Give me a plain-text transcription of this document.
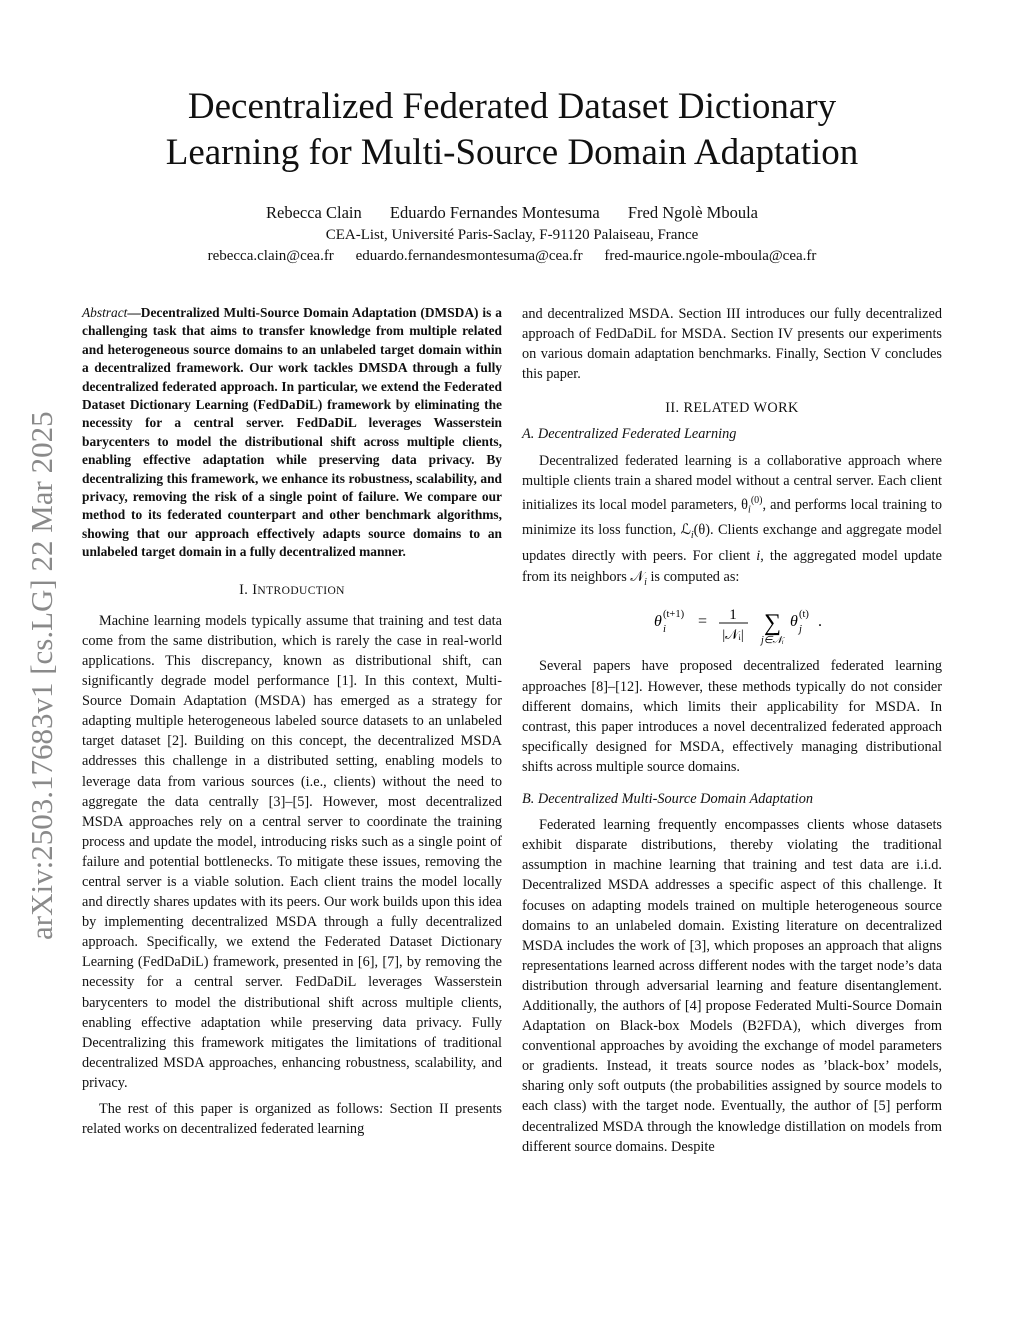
Decentralized Federated Dataset Dictionary
Learning for Multi-Source Domain Adaptation
Rebecca Clain Eduardo Fernandes Montesuma Fred Ngolè Mboula
CEA-List, Université Paris-Saclay, F-91120 Palaiseau, France
rebecca.clain@cea.fr eduardo.fernandesmontesuma@cea.fr fred-maurice.ngole-mboula@cea.fr
arXiv:2503.17683v1 [cs.LG] 22 Mar 2025

Abstract—Decentralized Multi-Source Domain Adaptation (DMSDA) is a challenging task that aims to transfer knowledge from multiple related and heterogeneous source domains to an unlabeled target domain within a decentralized framework. Our work tackles DMSDA through a fully decentralized federated approach. In particular, we extend the Federated Dataset Dictionary Learning (FedDaDiL) framework by eliminating the necessity for a central server. FedDaDiL leverages Wasserstein barycenters to model the distributional shift across multiple clients, enabling effective adaptation while preserving data privacy. By decentralizing this framework, we enhance its robustness, scalability, and privacy, removing the risk of a single point of failure. We compare our method to its federated counterpart and other benchmark algorithms, showing that our approach effectively adapts source domains to an unlabeled target domain in a fully decentralized manner.

I. INTRODUCTION

Machine learning models typically assume that training and test data come from the same distribution, which is rarely the case in real-world applications. This discrepancy, known as distributional shift, can significantly degrade model performance [1]. In this context, Multi-Source Domain Adaptation (MSDA) has emerged as a strategy for adapting multiple heterogeneous labeled source datasets to an unlabeled target dataset [2]. Building on this concept, the decentralized MSDA addresses this challenge in a distributed setting, enabling models to leverage data from various sources (i.e., clients) without the need to aggregate the data centrally [3]–[5]. However, most decentralized MSDA approaches rely on a central server to coordinate the training process and update the model, introducing risks such as a single point of failure and potential bottlenecks. To mitigate these issues, removing the central server is a viable solution. Each client trains the model locally and directly shares updates with its peers. Our work builds upon this idea by implementing decentralized MSDA through a fully decentralized approach. Specifically, we extend the Federated Dataset Dictionary Learning (FedDaDiL) framework, presented in [6], [7], by removing the necessity for a central server. FedDaDiL leverages Wasserstein barycenters to model the distributional shift across multiple clients, enabling effective adaptation while preserving data privacy. Fully Decentralizing this framework mitigates the limitations of traditional decentralized MSDA approaches, enhancing robustness, scalability, and privacy.

The rest of this paper is organized as follows: Section II presents related works on decentralized federated learning

and decentralized MSDA. Section III introduces our fully decentralized approach of FedDaDiL for MSDA. Section IV presents our experiments on various domain adaptation benchmarks. Finally, Section V concludes this paper.

II. RELATED WORK
A. Decentralized Federated Learning

Decentralized federated learning is a collaborative approach where multiple clients train a shared model without a central server. Each client initializes its local model parameters, $\theta_i^{(0)}$, and performs local training to minimize its loss function, ℒ$_i$(θ). Clients exchange and aggregate model updates directly with peers. For client i, the aggregated model update from its neighbors 𝒩$_i$ is computed as:

θ (t+1)
i = 1
|𝒩ᵢ| ∑
j∈𝒩ᵢ
θ (t)
j .

Several papers have proposed decentralized federated learning approaches [8]–[12]. However, these methods typically do not consider different domains, which limits their applicability for MSDA. In contrast, this paper introduces a novel decentralized federated approach specifically designed for MSDA, effectively managing distributional shifts across multiple source domains.

B. Decentralized Multi-Source Domain Adaptation

Federated learning frequently encompasses clients whose datasets exhibit disparate distributions, thereby violating the traditional assumption in machine learning that training and test data are i.i.d. Decentralized MSDA addresses a specific aspect of this challenge. It focuses on adapting models trained on multiple heterogeneous source domains to an unlabeled domain. Existing literature on decentralized MSDA includes the work of [3], which proposes an approach that aligns representations learned across different nodes with the target node’s data distribution through adversarial learning and feature disentanglement. Additionally, the authors of [4] propose Federated Multi-Source Domain Adaptation on Black-box Models (B2FDA), which diverges from conventional approaches by avoiding the exchange of model parameters or gradients. Instead, it treats source nodes as ’black-box’ models, sharing only soft outputs (the probabilities assigned by source models to each class) with the target node. Eventually, the author of [5] perform decentralized MSDA through the knowledge distillation on models from different source domains. Despite
